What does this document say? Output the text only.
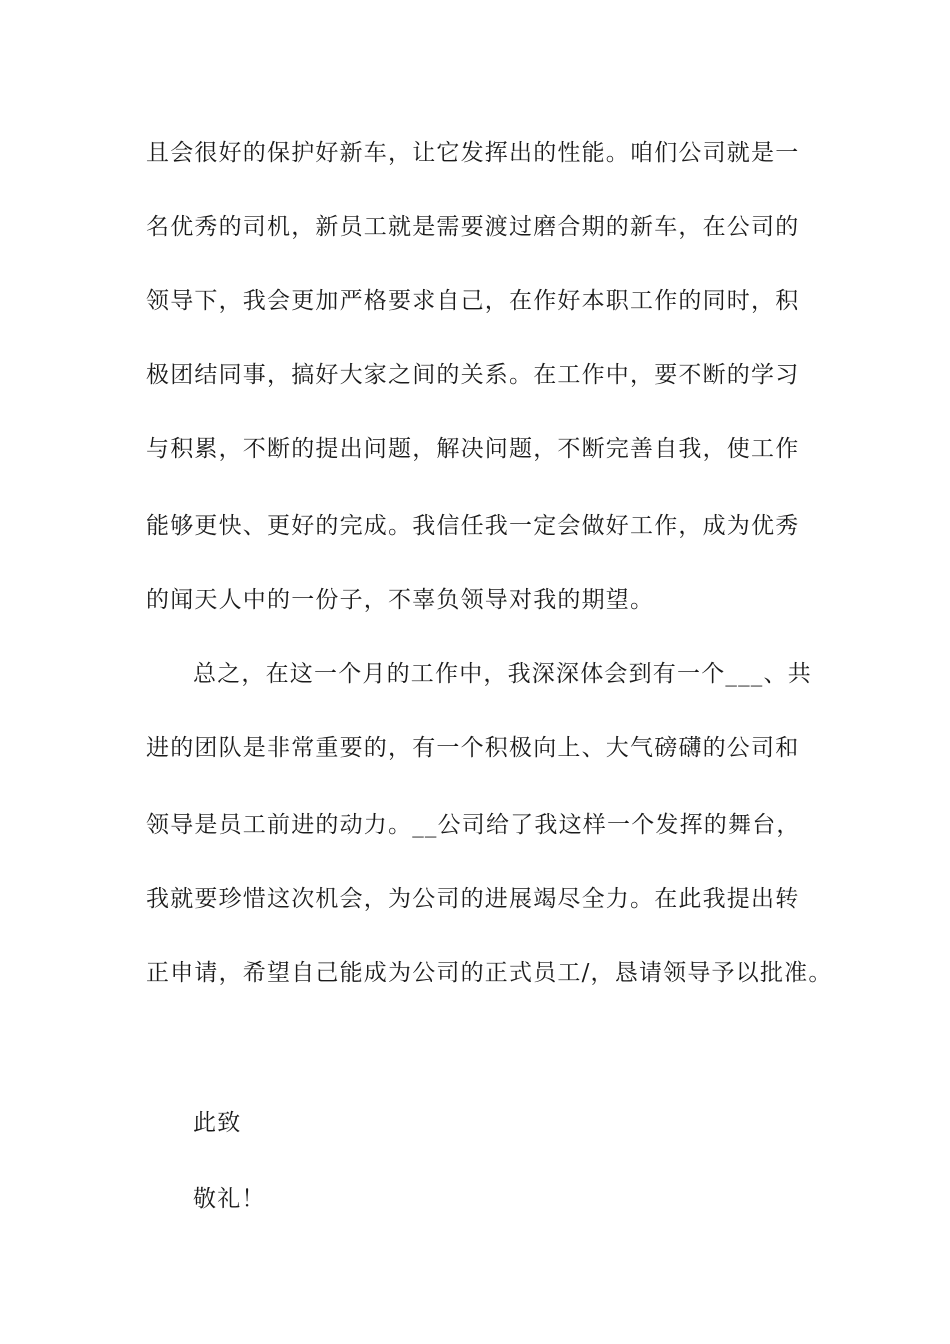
且会很好的保护好新车，让它发挥出的性能。咱们公司就是一
名优秀的司机，新员工就是需要渡过磨合期的新车，在公司的
领导下，我会更加严格要求自己，在作好本职工作的同时，积
极团结同事，搞好大家之间的关系。在工作中，要不断的学习
与积累，不断的提出问题，解决问题，不断完善自我，使工作
能够更快、更好的完成。我信任我一定会做好工作，成为优秀
的闻天人中的一份子，不辜负领导对我的期望。
总之，在这一个月的工作中，我深深体会到有一个___、共
进的团队是非常重要的，有一个积极向上、大气磅礴的公司和
领导是员工前进的动力。__公司给了我这样一个发挥的舞台，
我就要珍惜这次机会，为公司的进展竭尽全力。在此我提出转
正申请，希望自己能成为公司的正式员工/，恳请领导予以批准。
此致
敬礼！
